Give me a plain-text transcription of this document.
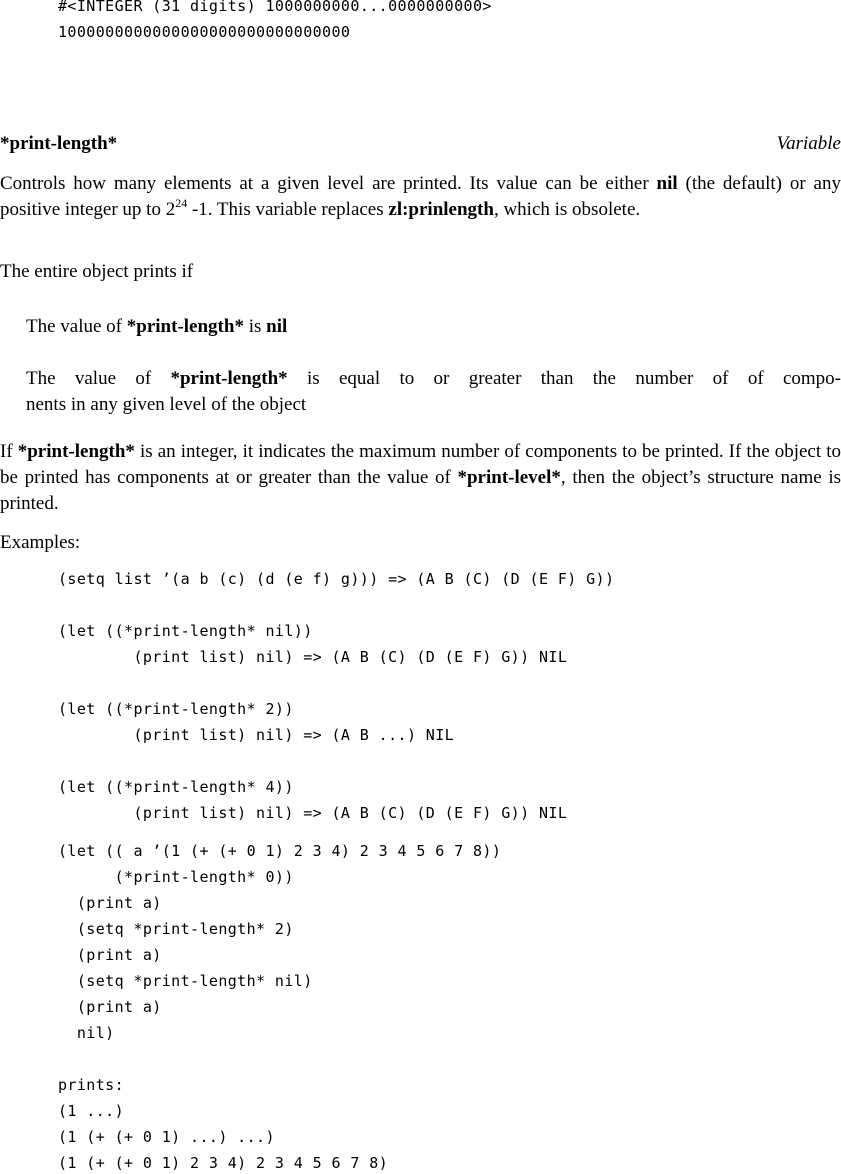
#<INTEGER (31 digits) 1000000000...0000000000>
1000000000000000000000000000000
*print-length*	Variable
Controls how many elements at a given level are printed. Its value can be either nil (the default) or any positive integer up to $2^{24}$ -1. This variable replaces zl:prinlength, which is obsolete.
The entire object prints if
The value of *print-length* is nil
The value of *print-length* is equal to or greater than the number of of compo-
nents in any given level of the object
If *print-length* is an integer, it indicates the maximum number of components to be printed. If the object to be printed has components at or greater than the value of *print-level*, then the object’s structure name is printed.
Examples:
(setq list ’(a b (c) (d (e f) g))) => (A B (C) (D (E F) G))
(let ((*print-length* nil))
(print list) nil) => (A B (C) (D (E F) G)) NIL
(let ((*print-length* 2))
(print list) nil) => (A B ...) NIL
(let ((*print-length* 4))
(print list) nil) => (A B (C) (D (E F) G)) NIL
(let (( a ’(1 (+ (+ 0 1) 2 3 4) 2 3 4 5 6 7 8))
(*print-length* 0))
(print a)
(setq *print-length* 2)
(print a)
(setq *print-length* nil)
(print a)
nil)
prints:
(1 ...)
(1 (+ (+ 0 1) ...) ...)
(1 (+ (+ 0 1) 2 3 4) 2 3 4 5 6 7 8)
